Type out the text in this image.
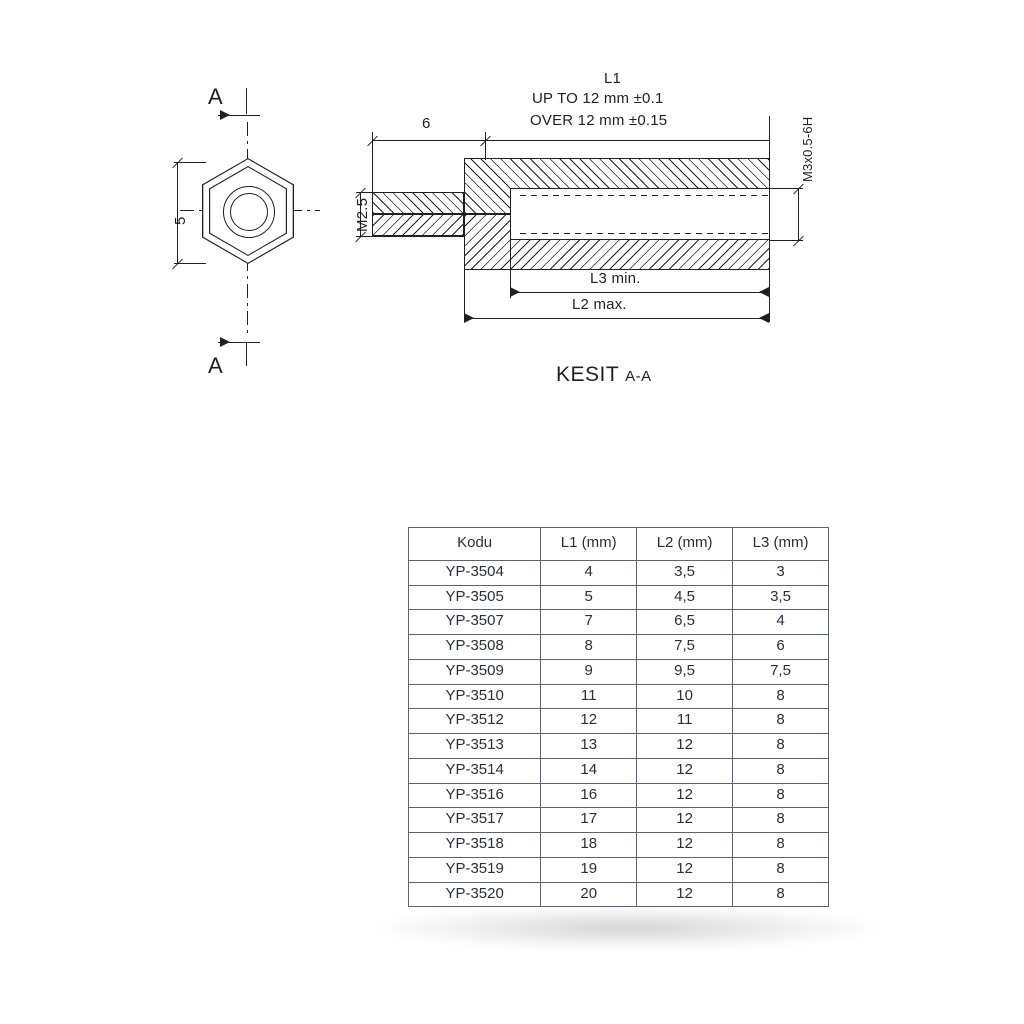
A
A
5	M2.5
6
L1
UP TO 12 mm ±0.1
OVER 12 mm ±0.15	M3x0.5-6H
L3 min.
L2 max.
KESIT A-A
Kodu	L1 (mm)	L2 (mm)	L3 (mm)
YP-3504	4	3,5	3
YP-3505	5	4,5	3,5
YP-3507	7	6,5	4
YP-3508	8	7,5	6
YP-3509	9	9,5	7,5
YP-3510	11	10	8
YP-3512	12	11	8
YP-3513	13	12	8
YP-3514	14	12	8
YP-3516	16	12	8
YP-3517	17	12	8
YP-3518	18	12	8
YP-3519	19	12	8
YP-3520	20	12	8
